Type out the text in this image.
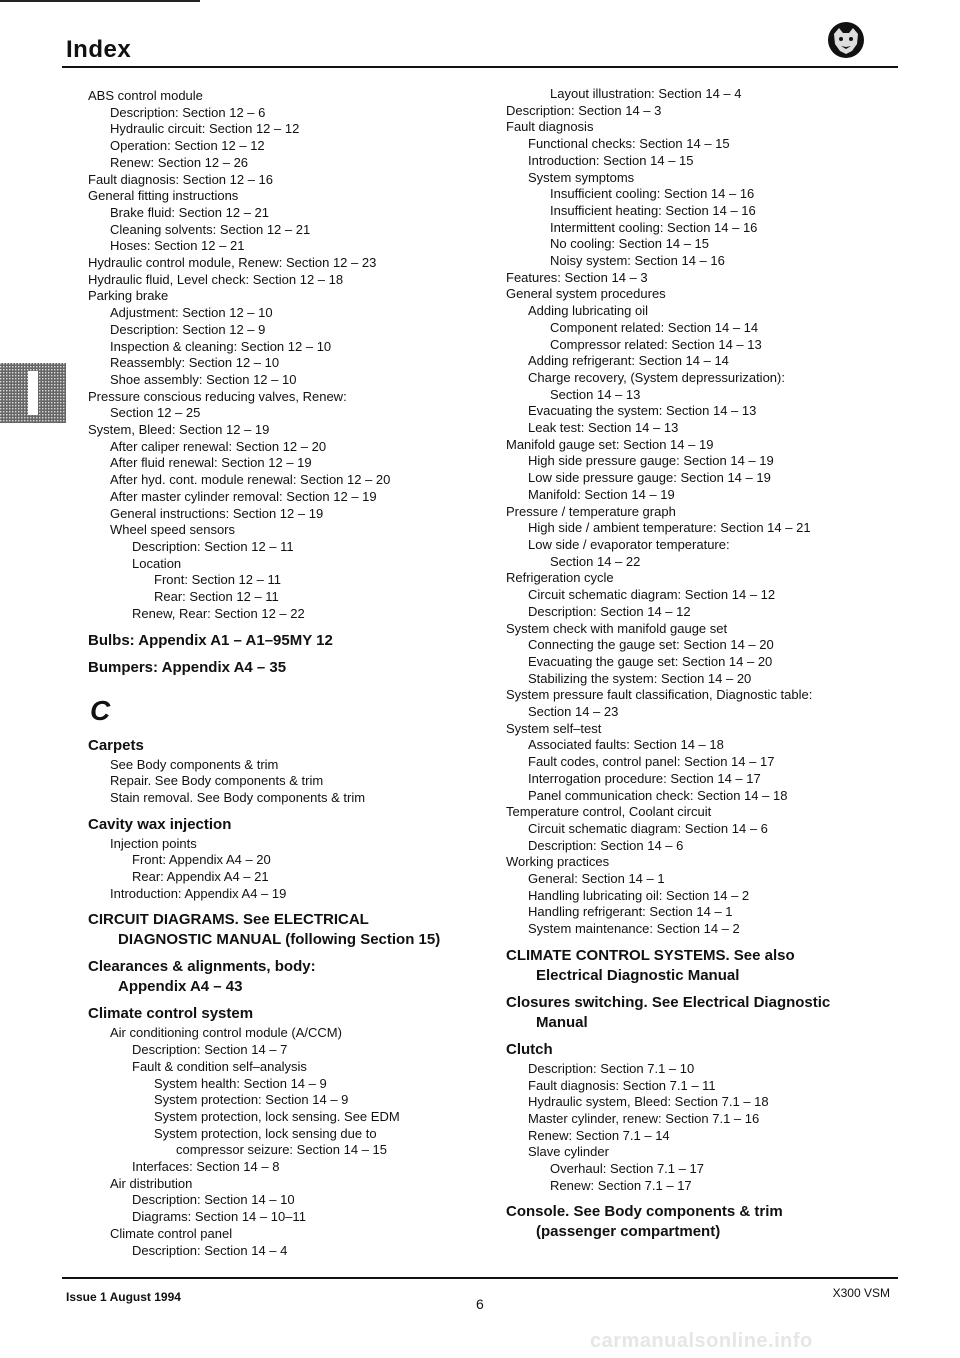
Index
ABS control module
Description: Section 12 – 6
Hydraulic circuit: Section 12 – 12
Operation: Section 12 – 12
Renew: Section 12 – 26
Fault diagnosis: Section 12 – 16
General fitting instructions
Brake fluid: Section 12 – 21
Cleaning solvents: Section 12 – 21
Hoses: Section 12 – 21
Hydraulic control module, Renew: Section 12 – 23
Hydraulic fluid, Level check: Section 12 – 18
Parking brake
Adjustment: Section 12 – 10
Description: Section 12 – 9
Inspection & cleaning: Section 12 – 10
Reassembly: Section 12 – 10
Shoe assembly: Section 12 – 10
Pressure conscious reducing valves, Renew:
Section 12 – 25
System, Bleed: Section 12 – 19
After caliper renewal: Section 12 – 20
After fluid renewal: Section 12 – 19
After hyd. cont. module renewal: Section 12 – 20
After master cylinder removal: Section 12 – 19
General instructions: Section 12 – 19
Wheel speed sensors
Description: Section 12 – 11
Location
Front: Section 12 – 11
Rear: Section 12 – 11
Renew, Rear: Section 12 – 22
Bulbs: Appendix A1 – A1–95MY 12
Bumpers: Appendix A4 – 35
C
Carpets
See Body components & trim
Repair. See Body components & trim
Stain removal. See Body components & trim
Cavity wax injection
Injection points
Front: Appendix A4 – 20
Rear: Appendix A4 – 21
Introduction: Appendix A4 – 19
CIRCUIT DIAGRAMS. See ELECTRICAL
DIAGNOSTIC MANUAL (following Section 15)
Clearances & alignments, body:
Appendix A4 – 43
Climate control system
Air conditioning control module (A/CCM)
Description: Section 14 – 7
Fault & condition self–analysis
System health: Section 14 – 9
System protection: Section 14 – 9
System protection, lock sensing. See EDM
System protection, lock sensing due to
compressor seizure: Section 14 – 15
Interfaces: Section 14 – 8
Air distribution
Description: Section 14 – 10
Diagrams: Section 14 – 10–11
Climate control panel
Description: Section 14 – 4
Layout illustration: Section 14 – 4
Description: Section 14 – 3
Fault diagnosis
Functional checks: Section 14 – 15
Introduction: Section 14 – 15
System symptoms
Insufficient cooling: Section 14 – 16
Insufficient heating: Section 14 – 16
Intermittent cooling: Section 14 – 16
No cooling: Section 14 – 15
Noisy system: Section 14 – 16
Features: Section 14 – 3
General system procedures
Adding lubricating oil
Component related: Section 14 – 14
Compressor related: Section 14 – 13
Adding refrigerant: Section 14 – 14
Charge recovery, (System depressurization):
Section 14 – 13
Evacuating the system: Section 14 – 13
Leak test: Section 14 – 13
Manifold gauge set: Section 14 – 19
High side pressure gauge: Section 14 – 19
Low side pressure gauge: Section 14 – 19
Manifold: Section 14 – 19
Pressure / temperature graph
High side / ambient temperature: Section 14 – 21
Low side / evaporator temperature:
Section 14 – 22
Refrigeration cycle
Circuit schematic diagram: Section 14 – 12
Description: Section 14 – 12
System check with manifold gauge set
Connecting the gauge set: Section 14 – 20
Evacuating the gauge set: Section 14 – 20
Stabilizing the system: Section 14 – 20
System pressure fault classification, Diagnostic table:
Section 14 – 23
System self–test
Associated faults: Section 14 – 18
Fault codes, control panel: Section 14 – 17
Interrogation procedure: Section 14 – 17
Panel communication check: Section 14 – 18
Temperature control, Coolant circuit
Circuit schematic diagram: Section 14 – 6
Description: Section 14 – 6
Working practices
General: Section 14 – 1
Handling lubricating oil: Section 14 – 2
Handling refrigerant: Section 14 – 1
System maintenance: Section 14 – 2
CLIMATE CONTROL SYSTEMS. See also
Electrical Diagnostic Manual
Closures switching. See Electrical Diagnostic
Manual
Clutch
Description: Section 7.1 – 10
Fault diagnosis: Section 7.1 – 11
Hydraulic system, Bleed: Section 7.1 – 18
Master cylinder, renew: Section 7.1 – 16
Renew: Section 7.1 – 14
Slave cylinder
Overhaul: Section 7.1 – 17
Renew: Section 7.1 – 17
Console. See Body components & trim
(passenger compartment)
Issue 1 August 1994	6
X300 VSM
carmanualsonline.info
